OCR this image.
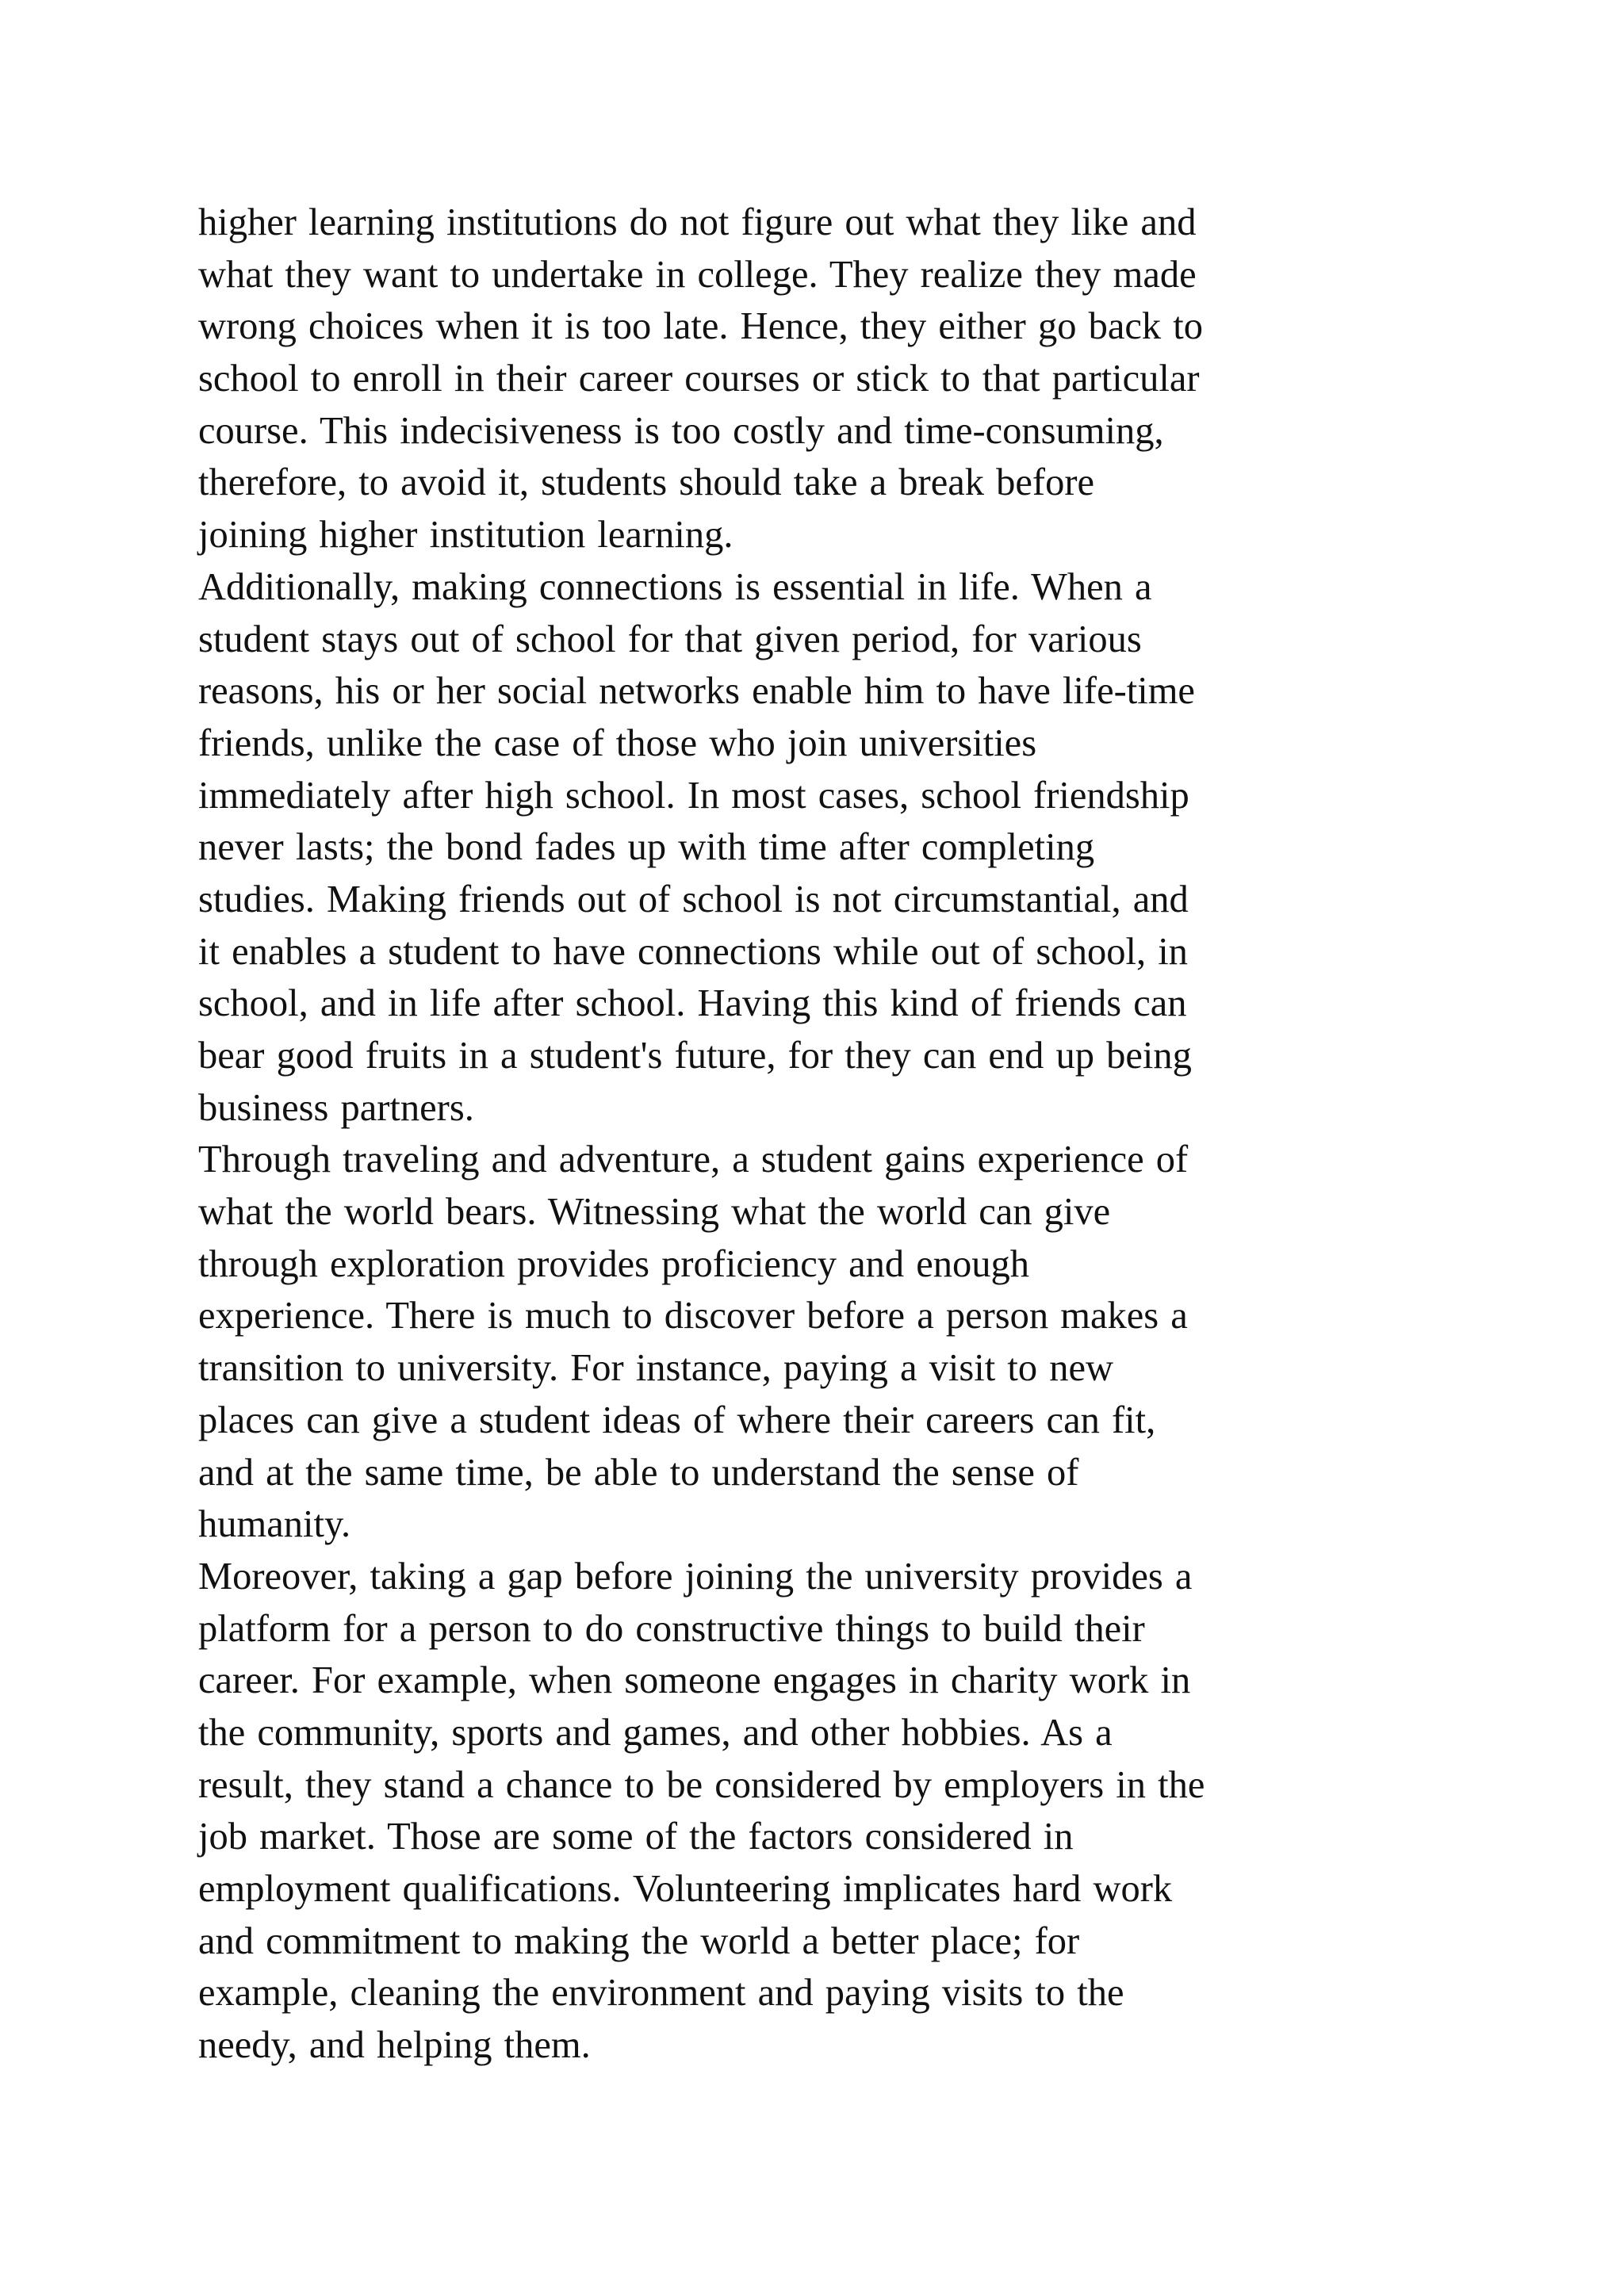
higher learning institutions do not figure out what they like and
what they want to undertake in college. They realize they made
wrong choices when it is too late. Hence, they either go back to
school to enroll in their career courses or stick to that particular
course. This indecisiveness is too costly and time-consuming,
therefore, to avoid it, students should take a break before
joining higher institution learning.
Additionally, making connections is essential in life. When a
student stays out of school for that given period, for various
reasons, his or her social networks enable him to have life-time
friends, unlike the case of those who join universities
immediately after high school. In most cases, school friendship
never lasts; the bond fades up with time after completing
studies. Making friends out of school is not circumstantial, and
it enables a student to have connections while out of school, in
school, and in life after school. Having this kind of friends can
bear good fruits in a student's future, for they can end up being
business partners.
Through traveling and adventure, a student gains experience of
what the world bears. Witnessing what the world can give
through exploration provides proficiency and enough
experience. There is much to discover before a person makes a
transition to university. For instance, paying a visit to new
places can give a student ideas of where their careers can fit,
and at the same time, be able to understand the sense of
humanity.
Moreover, taking a gap before joining the university provides a
platform for a person to do constructive things to build their
career. For example, when someone engages in charity work in
the community, sports and games, and other hobbies. As a
result, they stand a chance to be considered by employers in the
job market. Those are some of the factors considered in
employment qualifications. Volunteering implicates hard work
and commitment to making the world a better place; for
example, cleaning the environment and paying visits to the
needy, and helping them.
